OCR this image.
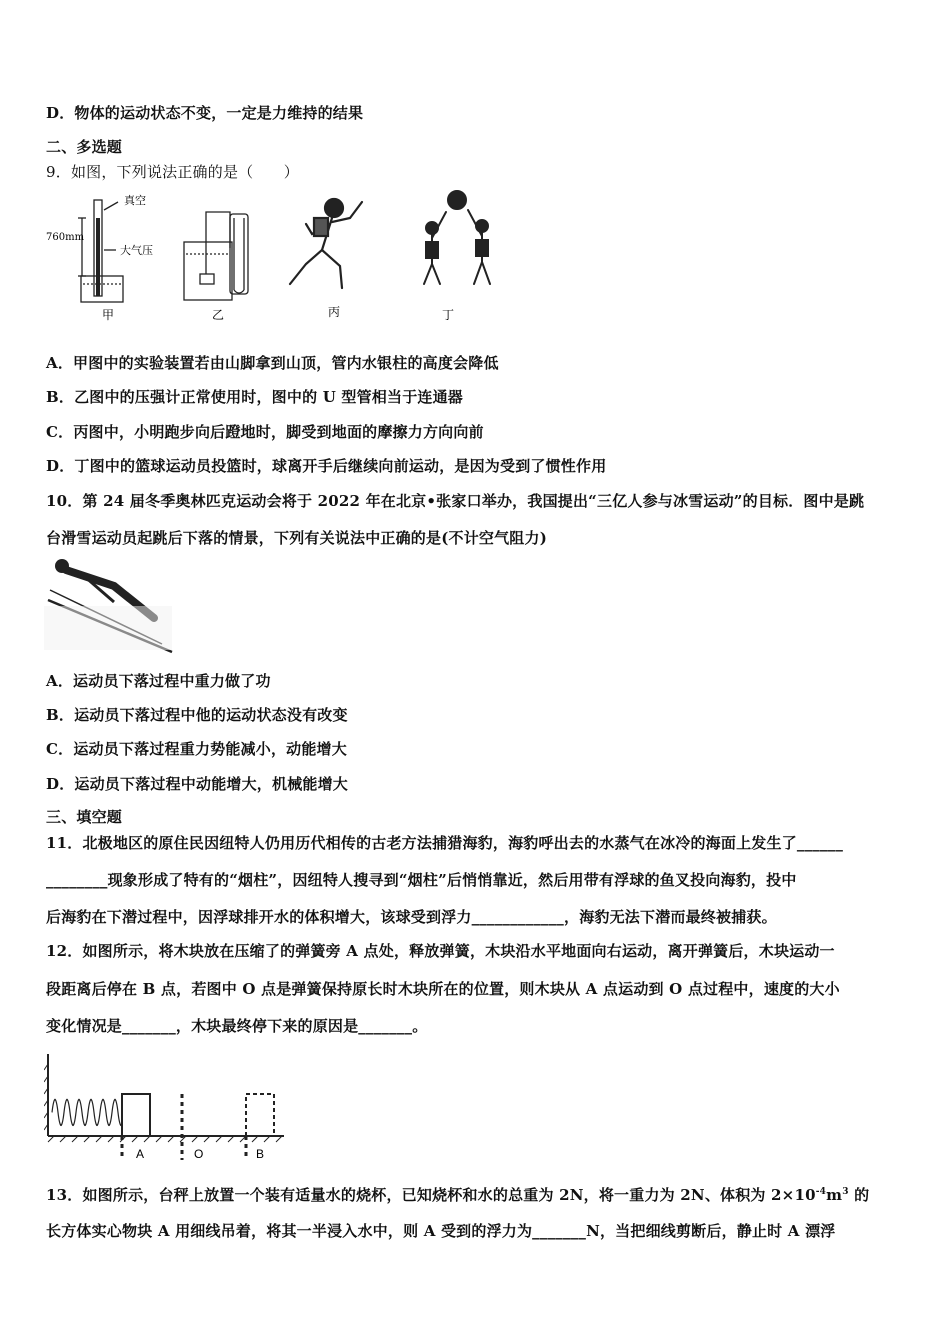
D．物体的运动状态不变，一定是力维持的结果
二、多选题
9．如图，下列说法正确的是（　　）
真空
760mm
大气压
甲	乙	丙	丁
A．甲图中的实验装置若由山脚拿到山顶，管内水银柱的高度会降低
B．乙图中的压强计正常使用时，图中的 U 型管相当于连通器
C．丙图中，小明跑步向后蹬地时，脚受到地面的摩擦力方向向前
D．丁图中的篮球运动员投篮时，球离开手后继续向前运动，是因为受到了惯性作用
10．第 24 届冬季奥林匹克运动会将于 2022 年在北京•张家口举办，我国提出“三亿人参与冰雪运动”的目标．图中是跳
台滑雪运动员起跳后下落的情景，下列有关说法中正确的是(不计空气阻力)
A．运动员下落过程中重力做了功
B．运动员下落过程中他的运动状态没有改变
C．运动员下落过程重力势能减小，动能增大
D．运动员下落过程中动能增大，机械能增大
三、填空题
11．北极地区的原住民因纽特人仍用历代相传的古老方法捕猎海豹，海豹呼出去的水蒸气在冰冷的海面上发生了______
________现象形成了特有的“烟柱”，因纽特人搜寻到“烟柱”后悄悄靠近，然后用带有浮球的鱼叉投向海豹，投中
后海豹在下潜过程中，因浮球排开水的体积增大，该球受到浮力____________，海豹无法下潜而最终被捕获。
12．如图所示，将木块放在压缩了的弹簧旁 A 点处，释放弹簧，木块沿水平地面向右运动，离开弹簧后，木块运动一
段距离后停在 B 点，若图中 O 点是弹簧保持原长时木块所在的位置，则木块从 A 点运动到 O 点过程中，速度的大小
变化情况是_______，木块最终停下来的原因是_______。
A	O	B
13．如图所示，台秤上放置一个装有适量水的烧杯，已知烧杯和水的总重为 2N，将一重力为 2N、体积为 $2\times 10^{-4}m^3$ 的
长方体实心物块 A 用细线吊着，将其一半浸入水中，则 A 受到的浮力为_______N，当把细线剪断后，静止时 A 漂浮
